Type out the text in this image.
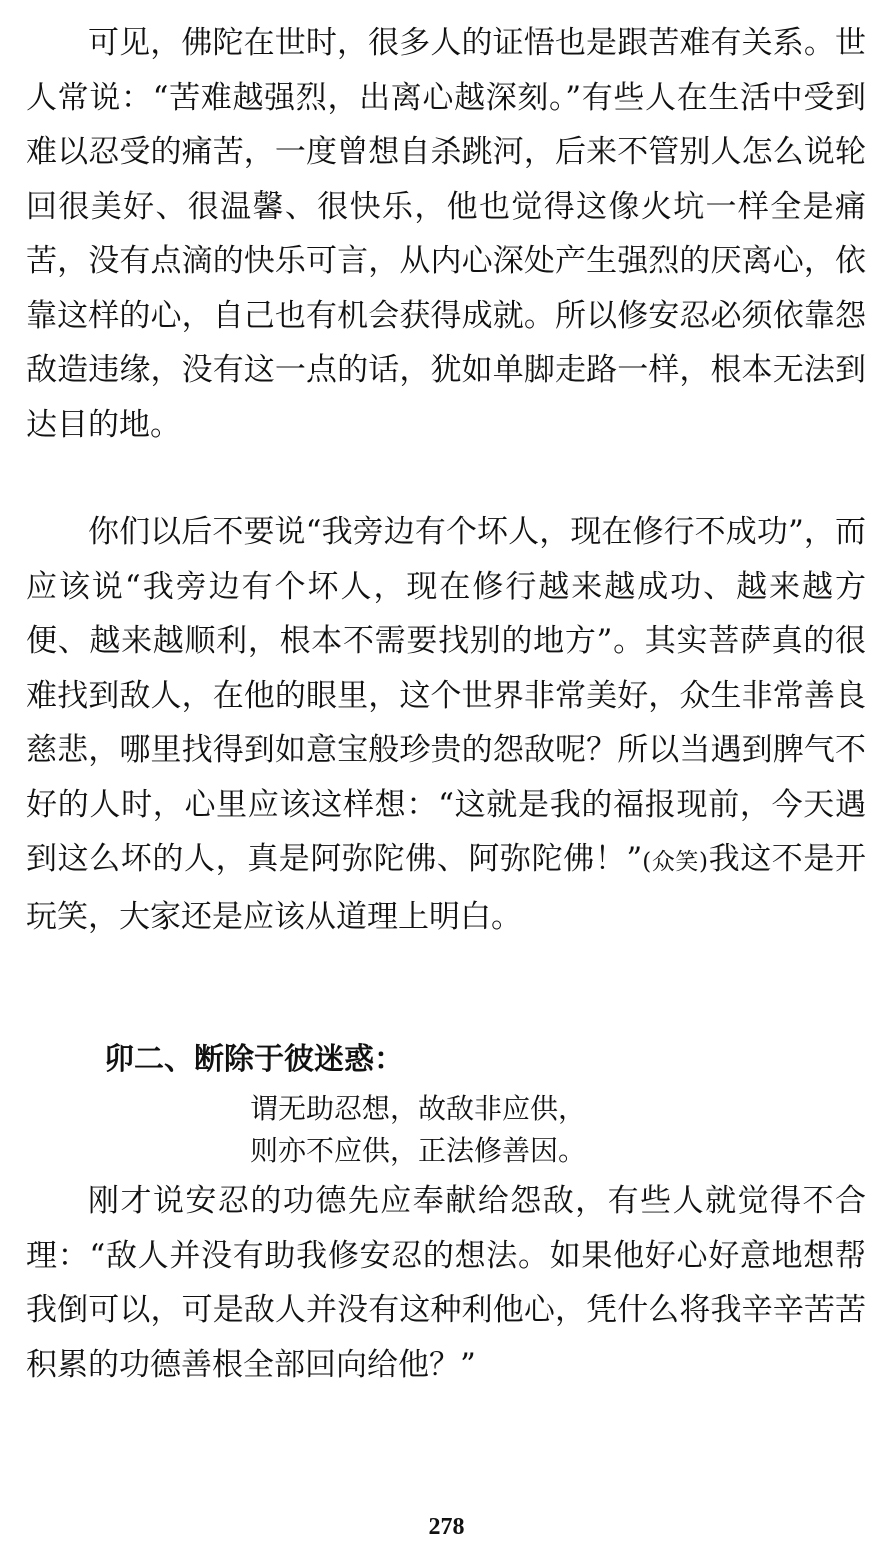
可见，佛陀在世时，很多人的证悟也是跟苦难有关系。世人常说：“苦难越强烈，出离心越深刻。”有些人在生活中受到难以忍受的痛苦，一度曾想自杀跳河，后来不管别人怎么说轮回很美好、很温馨、很快乐，他也觉得这像火坑一样全是痛苦，没有点滴的快乐可言，从内心深处产生强烈的厌离心，依靠这样的心，自己也有机会获得成就。所以修安忍必须依靠怨敌造违缘，没有这一点的话，犹如单脚走路一样，根本无法到达目的地。

你们以后不要说“我旁边有个坏人，现在修行不成功”，而应该说“我旁边有个坏人，现在修行越来越成功、越来越方便、越来越顺利，根本不需要找别的地方”。其实菩萨真的很难找到敌人，在他的眼里，这个世界非常美好，众生非常善良慈悲，哪里找得到如意宝般珍贵的怨敌呢？所以当遇到脾气不好的人时，心里应该这样想：“这就是我的福报现前，今天遇到这么坏的人，真是阿弥陀佛、阿弥陀佛！”(众笑)我这不是开玩笑，大家还是应该从道理上明白。

卯二、断除于彼迷惑：
谓无助忍想，故敌非应供，
则亦不应供，正法修善因。

刚才说安忍的功德先应奉献给怨敌，有些人就觉得不合理：“敌人并没有助我修安忍的想法。如果他好心好意地想帮我倒可以，可是敌人并没有这种利他心，凭什么将我辛辛苦苦积累的功德善根全部回向给他？”

278
